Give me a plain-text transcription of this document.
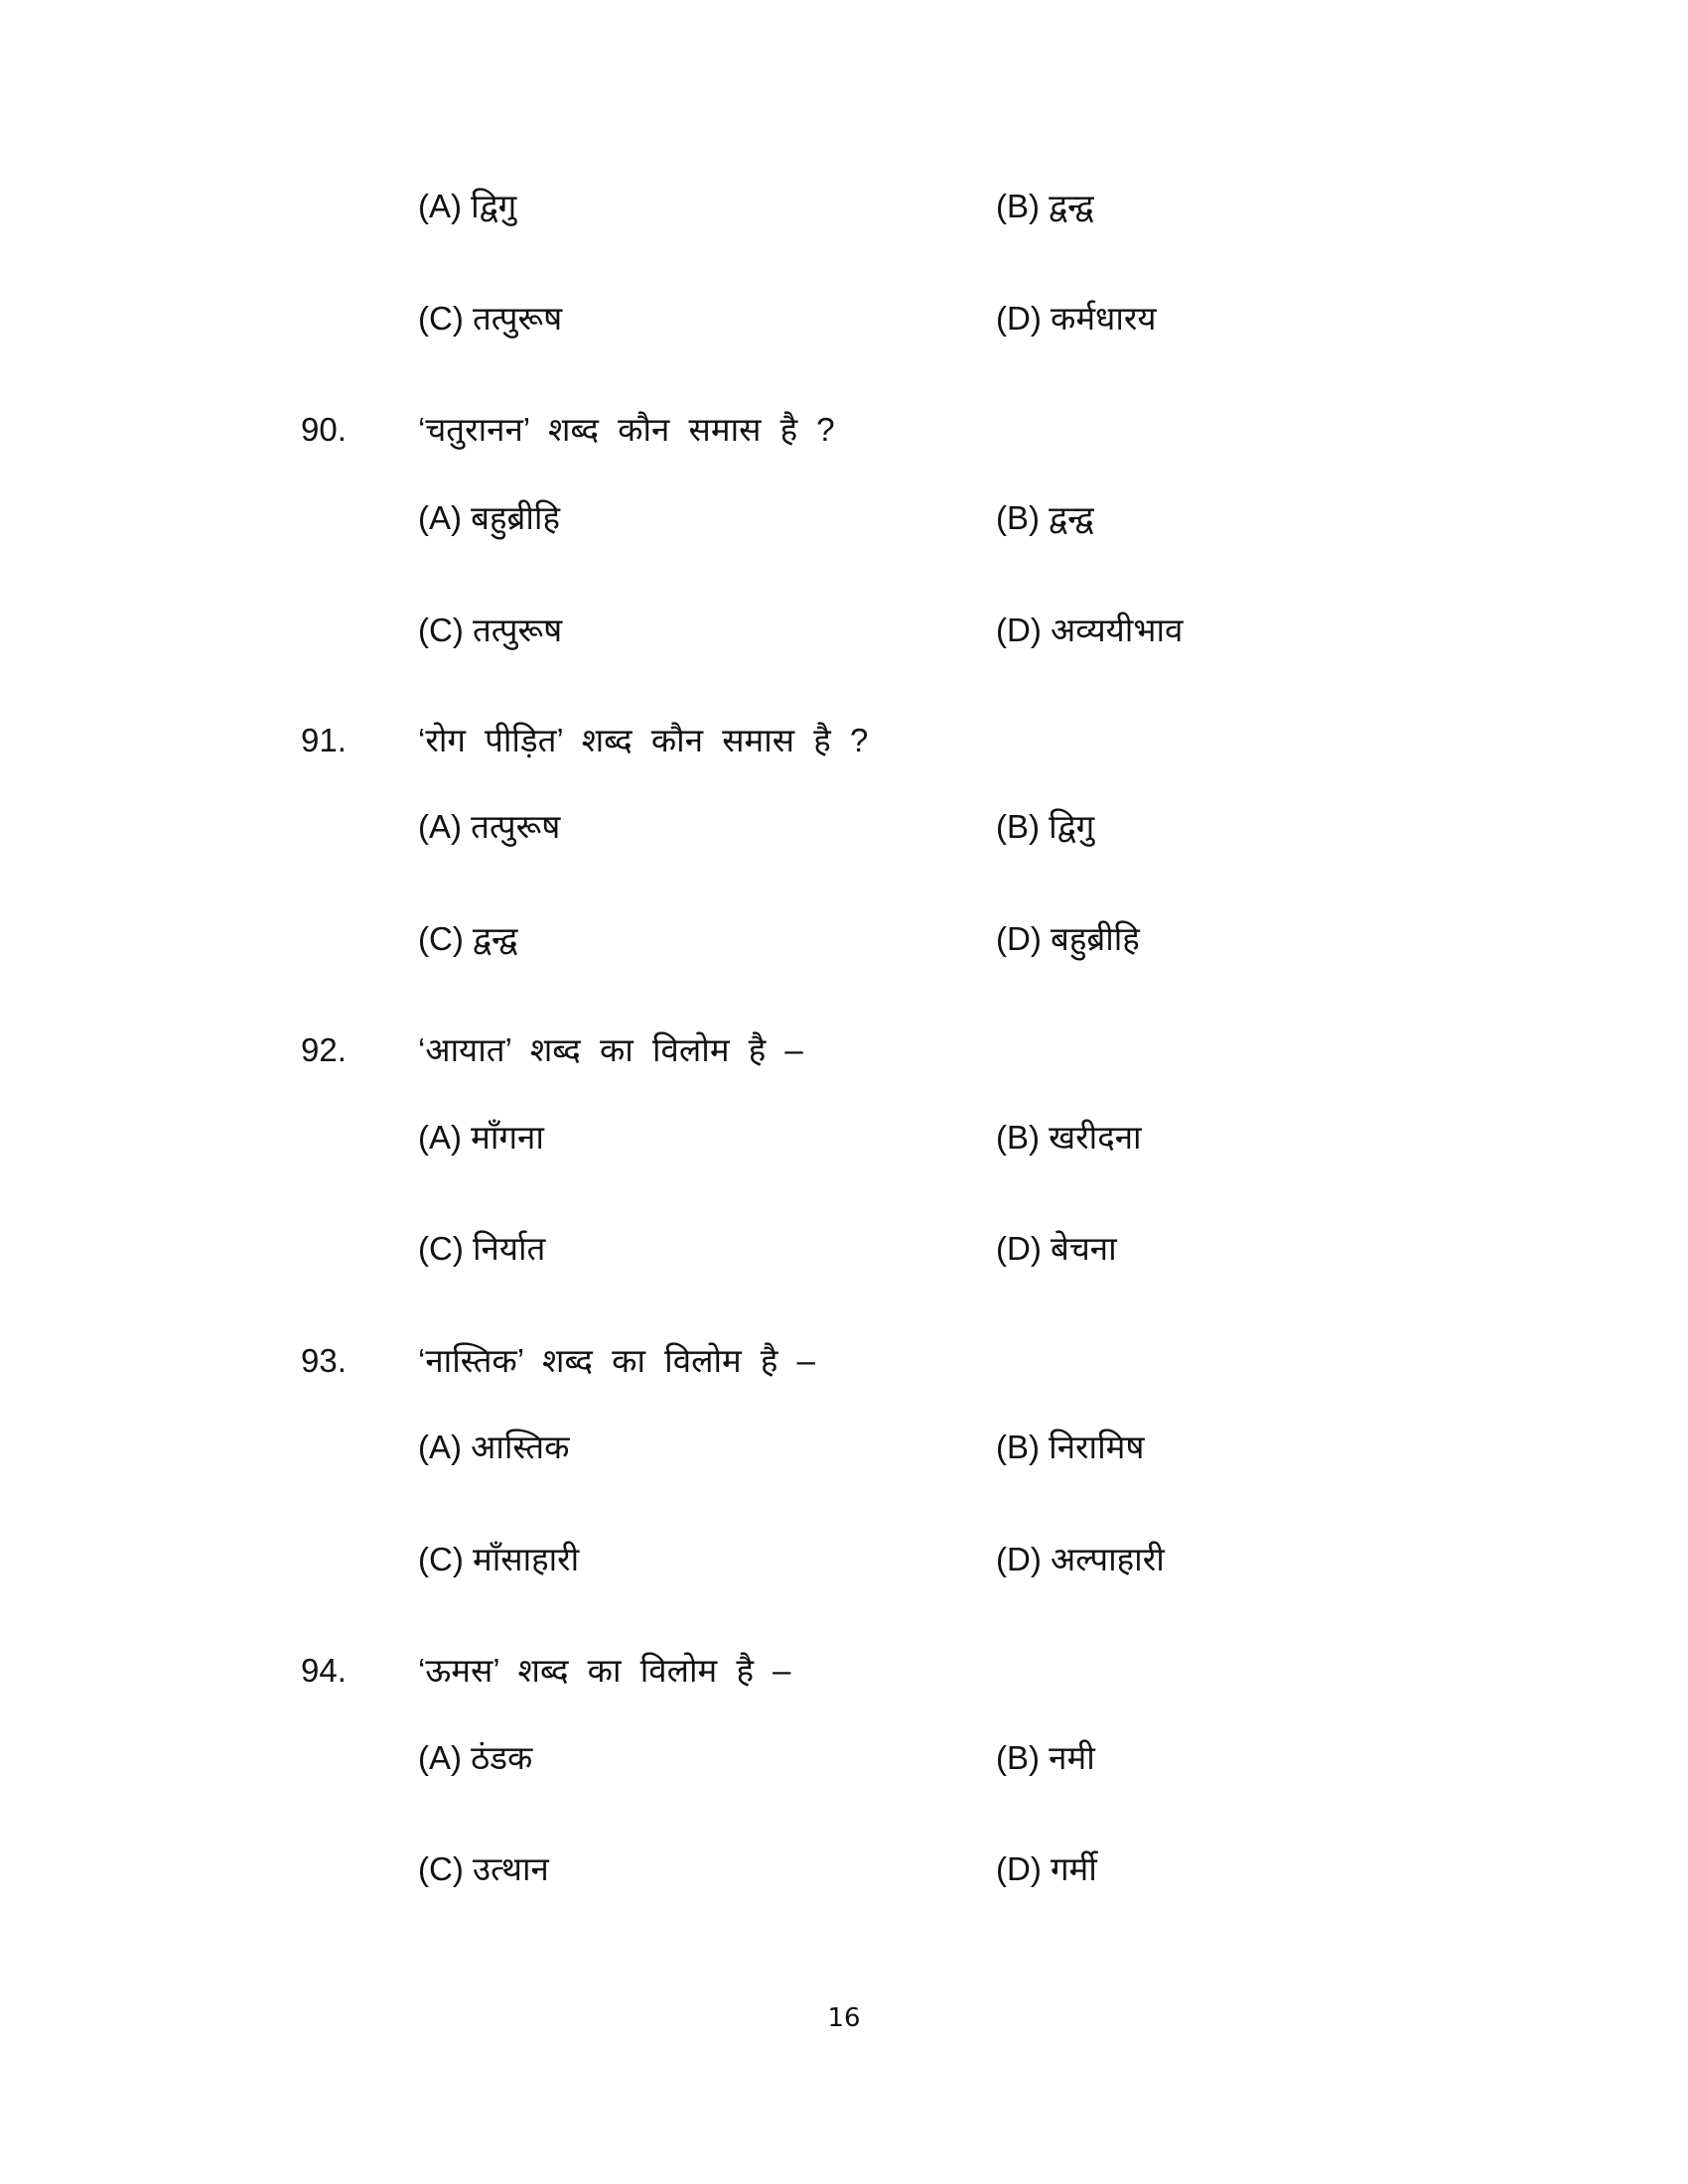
(A) द्विगु	(B) द्वन्द्व
(C) तत्पुरूष	(D) कर्मधारय
90. ‘चतुरानन’ शब्द कौन समास है ?
(A) बहुब्रीहि	(B) द्वन्द्व
(C) तत्पुरूष	(D) अव्ययीभाव
91. ‘रोग पीड़ित’ शब्द कौन समास है ?
(A) तत्पुरूष	(B) द्विगु
(C) द्वन्द्व	(D) बहुब्रीहि
92. ‘आयात’ शब्द का विलोम है –
(A) माँगना	(B) खरीदना
(C) निर्यात	(D) बेचना
93. ‘नास्तिक’ शब्द का विलोम है –
(A) आस्तिक	(B) निरामिष
(C) माँसाहारी	(D) अल्पाहारी
94. ‘ऊमस’ शब्द का विलोम है –
(A) ठंडक	(B) नमी
(C) उत्थान	(D) गर्मी
16
